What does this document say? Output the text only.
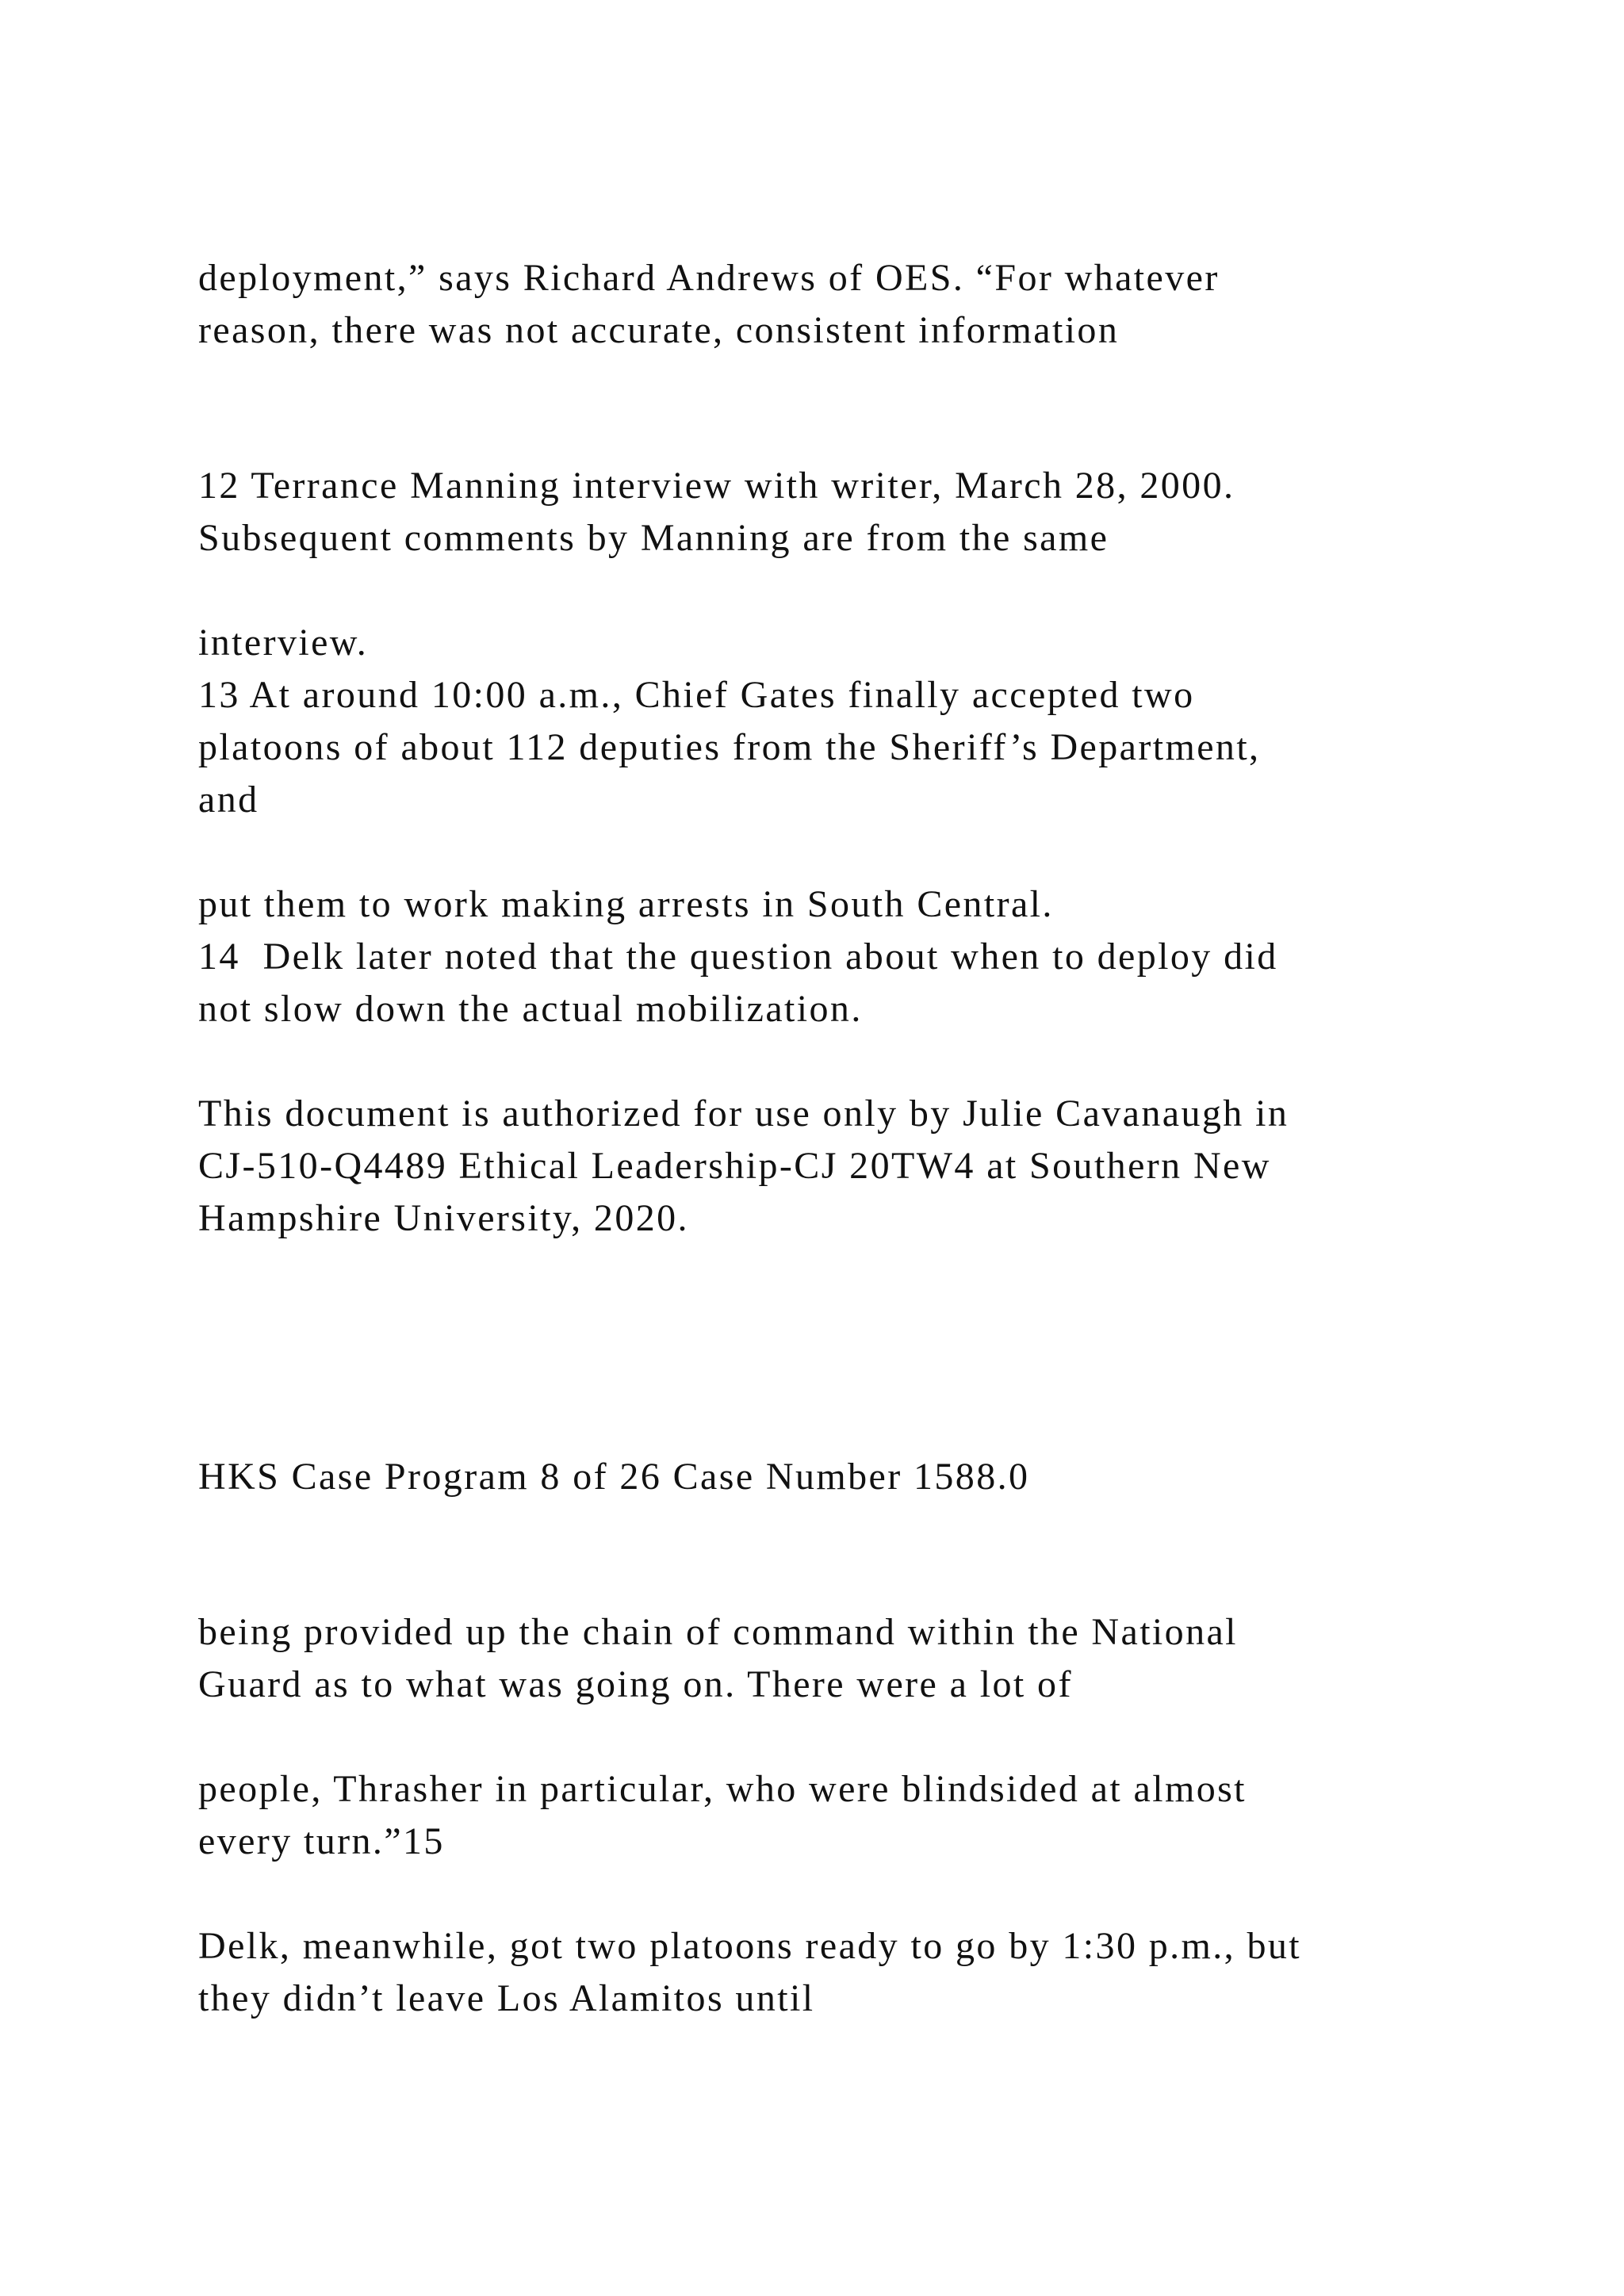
deployment,” says Richard Andrews of OES. “For whatever
reason, there was not accurate, consistent information
12 Terrance Manning interview with writer, March 28, 2000.
Subsequent comments by Manning are from the same
interview.
13 At around 10:00 a.m., Chief Gates finally accepted two
platoons of about 112 deputies from the Sheriff’s Department,
and
put them to work making arrests in South Central.
14  Delk later noted that the question about when to deploy did
not slow down the actual mobilization.
This document is authorized for use only by Julie Cavanaugh in
CJ-510-Q4489 Ethical Leadership-CJ 20TW4 at Southern New
Hampshire University, 2020.
HKS Case Program 8 of 26 Case Number 1588.0
being provided up the chain of command within the National
Guard as to what was going on. There were a lot of
people, Thrasher in particular, who were blindsided at almost
every turn.”15
Delk, meanwhile, got two platoons ready to go by 1:30 p.m., but
they didn’t leave Los Alamitos until
